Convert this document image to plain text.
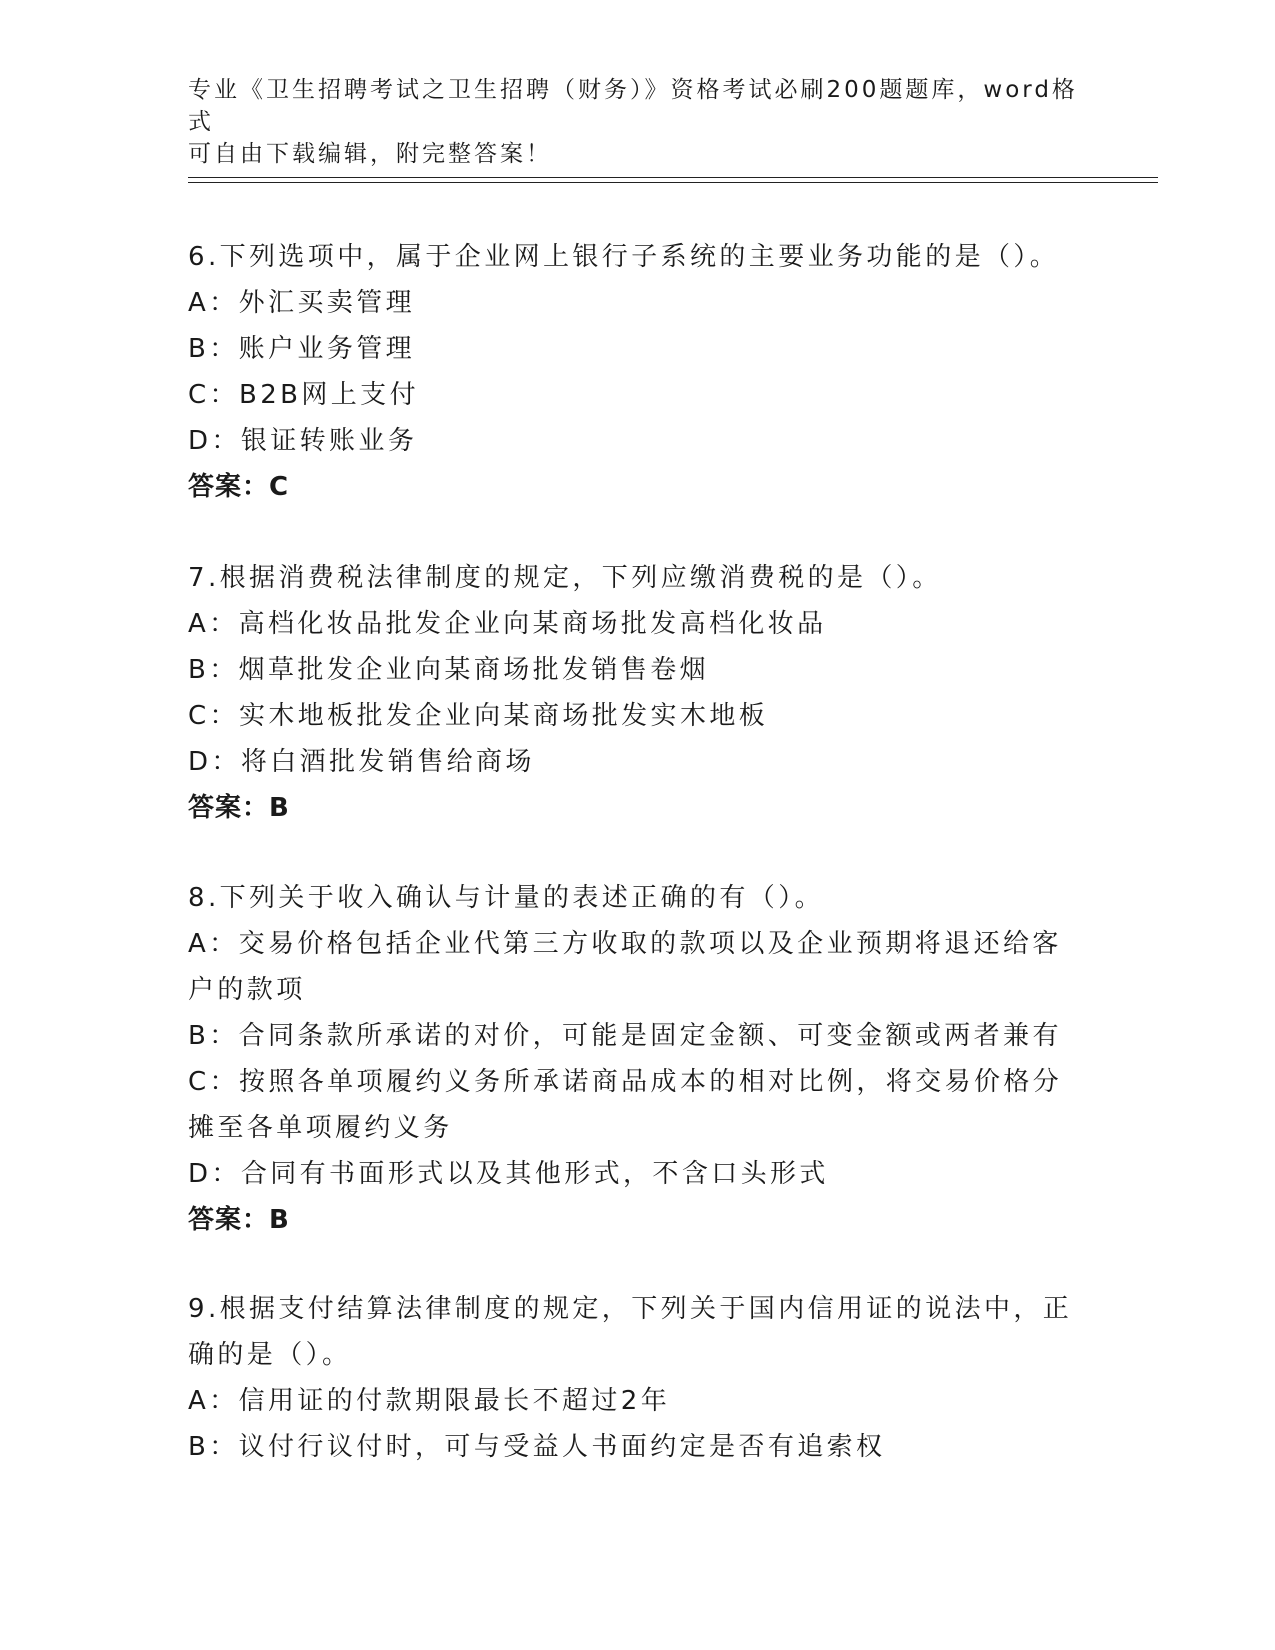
专业《卫生招聘考试之卫生招聘（财务）》资格考试必刷200题题库，word格式
可自由下载编辑，附完整答案！
6.下列选项中，属于企业网上银行子系统的主要业务功能的是（）。
A：外汇买卖管理
B：账户业务管理
C：B2B网上支付
D：银证转账业务
答案：C
7.根据消费税法律制度的规定，下列应缴消费税的是（）。
A：高档化妆品批发企业向某商场批发高档化妆品
B：烟草批发企业向某商场批发销售卷烟
C：实木地板批发企业向某商场批发实木地板
D：将白酒批发销售给商场
答案：B
8.下列关于收入确认与计量的表述正确的有（）。
A：交易价格包括企业代第三方收取的款项以及企业预期将退还给客户的款项
B：合同条款所承诺的对价，可能是固定金额、可变金额或两者兼有
C：按照各单项履约义务所承诺商品成本的相对比例，将交易价格分摊至各单项履约义务
D：合同有书面形式以及其他形式，不含口头形式
答案：B
9.根据支付结算法律制度的规定，下列关于国内信用证的说法中，正确的是（）。
A：信用证的付款期限最长不超过2年
B：议付行议付时，可与受益人书面约定是否有追索权
